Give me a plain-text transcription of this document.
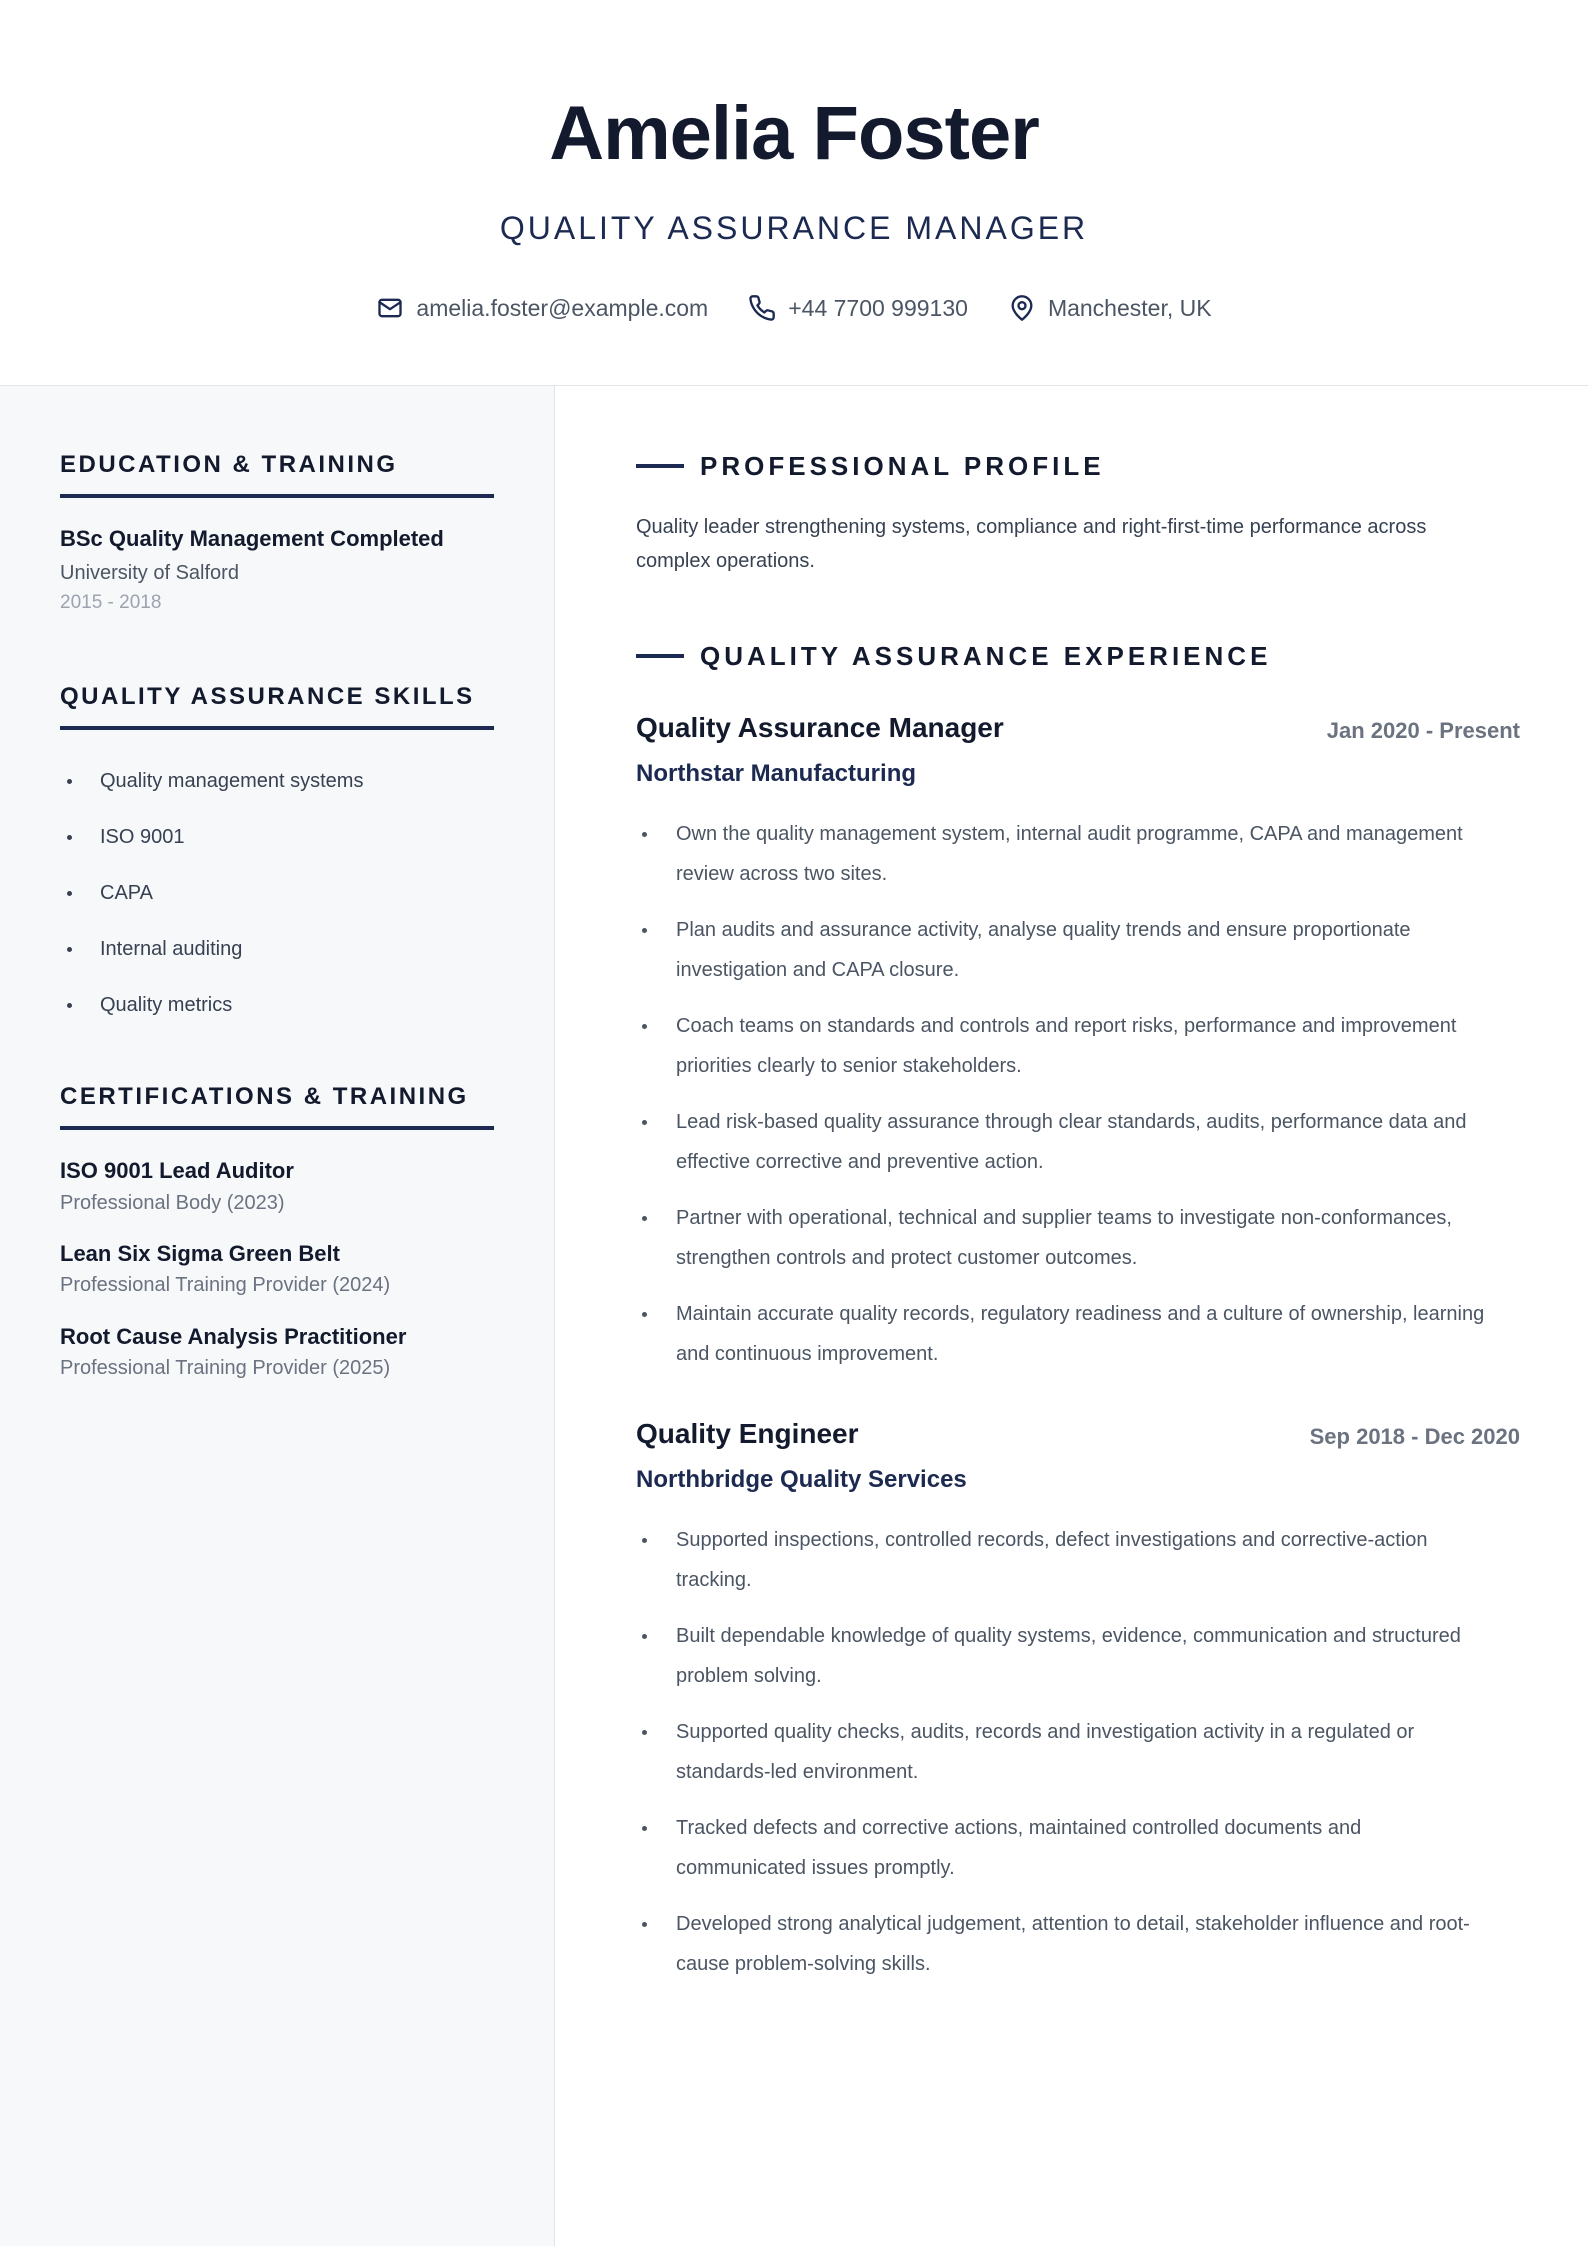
Amelia Foster
QUALITY ASSURANCE MANAGER
amelia.foster@example.com	+44 7700 999130	Manchester, UK
EDUCATION & TRAINING
BSc Quality Management Completed
University of Salford
2015 - 2018
QUALITY ASSURANCE SKILLS
Quality management systems
ISO 9001
CAPA
Internal auditing
Quality metrics
CERTIFICATIONS & TRAINING
ISO 9001 Lead Auditor
Professional Body (2023)
Lean Six Sigma Green Belt
Professional Training Provider (2024)
Root Cause Analysis Practitioner
Professional Training Provider (2025)
PROFESSIONAL PROFILE

Quality leader strengthening systems, compliance and right-first-time performance across complex operations.

QUALITY ASSURANCE EXPERIENCE
Quality Assurance Manager	Jan 2020 - Present
Northstar Manufacturing
Own the quality management system, internal audit programme, CAPA and management review across two sites.
Plan audits and assurance activity, analyse quality trends and ensure proportionate investigation and CAPA closure.
Coach teams on standards and controls and report risks, performance and improvement priorities clearly to senior stakeholders.
Lead risk-based quality assurance through clear standards, audits, performance data and effective corrective and preventive action.
Partner with operational, technical and supplier teams to investigate non-conformances, strengthen controls and protect customer outcomes.
Maintain accurate quality records, regulatory readiness and a culture of ownership, learning and continuous improvement.
Quality Engineer	Sep 2018 - Dec 2020
Northbridge Quality Services
Supported inspections, controlled records, defect investigations and corrective-action tracking.
Built dependable knowledge of quality systems, evidence, communication and structured problem solving.
Supported quality checks, audits, records and investigation activity in a regulated or standards-led environment.
Tracked defects and corrective actions, maintained controlled documents and communicated issues promptly.
Developed strong analytical judgement, attention to detail, stakeholder influence and root-cause problem-solving skills.
